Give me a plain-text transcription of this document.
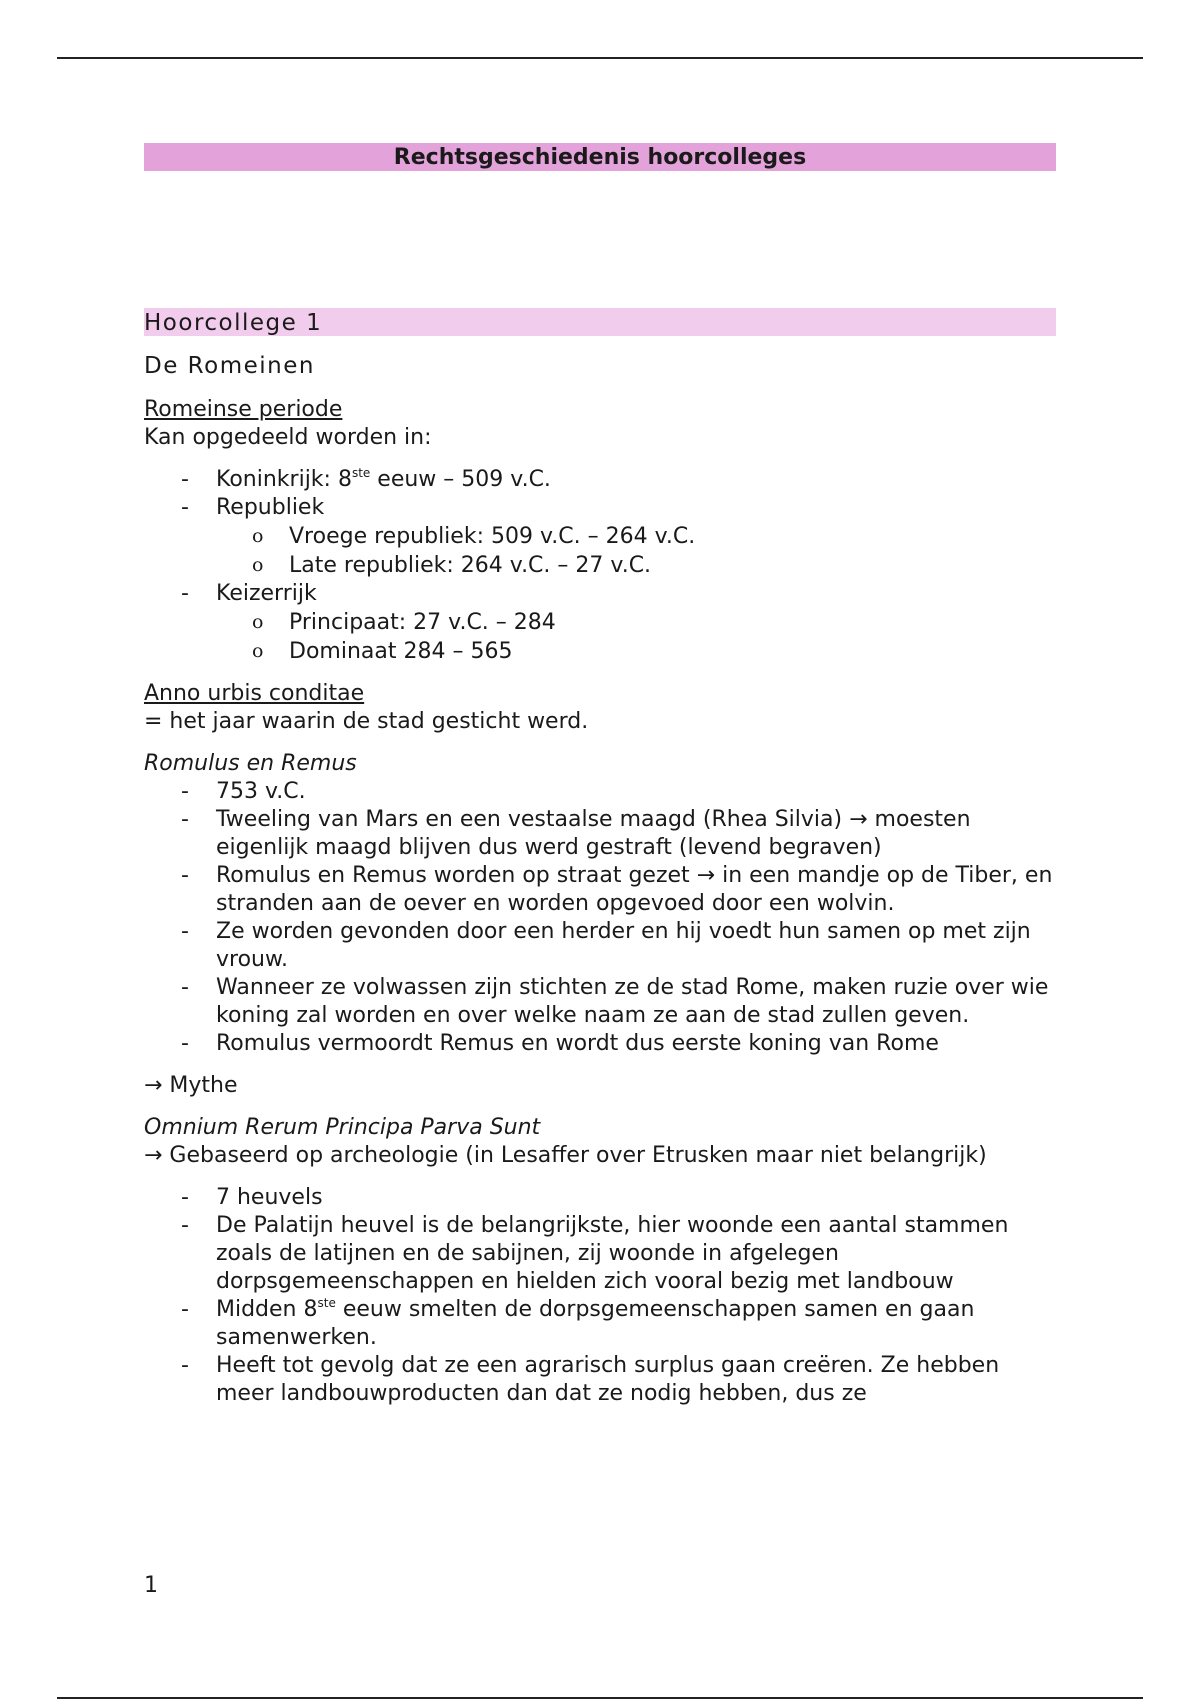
Rechtsgeschiedenis hoorcolleges
Hoorcollege 1
De Romeinen

Romeinse periode

Kan opgedeeld worden in:

- Koninkrijk: 8ste eeuw – 509 v.C.
- Republiek
o Vroege republiek: 509 v.C. – 264 v.C.
o Late republiek: 264 v.C. – 27 v.C.
- Keizerrijk
o Principaat: 27 v.C. – 284
o Dominaat 284 – 565

Anno urbis conditae

= het jaar waarin de stad gesticht werd.

Romulus en Remus

- 753 v.C.
- Tweeling van Mars en een vestaalse maagd (Rhea Silvia) → moesten eigenlijk maagd blijven dus werd gestraft (levend begraven)
- Romulus en Remus worden op straat gezet → in een mandje op de Tiber, en stranden aan de oever en worden opgevoed door een wolvin.
- Ze worden gevonden door een herder en hij voedt hun samen op met zijn vrouw.
- Wanneer ze volwassen zijn stichten ze de stad Rome, maken ruzie over wie koning zal worden en over welke naam ze aan de stad zullen geven.
- Romulus vermoordt Remus en wordt dus eerste koning van Rome

→ Mythe

Omnium Rerum Principa Parva Sunt

→ Gebaseerd op archeologie (in Lesaffer over Etrusken maar niet belangrijk)

- 7 heuvels
- De Palatijn heuvel is de belangrijkste, hier woonde een aantal stammen zoals de latijnen en de sabijnen, zij woonde in afgelegen dorpsgemeenschappen en hielden zich vooral bezig met landbouw
- Midden 8ste eeuw smelten de dorpsgemeenschappen samen en gaan samenwerken.
- Heeft tot gevolg dat ze een agrarisch surplus gaan creëren. Ze hebben meer landbouwproducten dan dat ze nodig hebben, dus ze
1
